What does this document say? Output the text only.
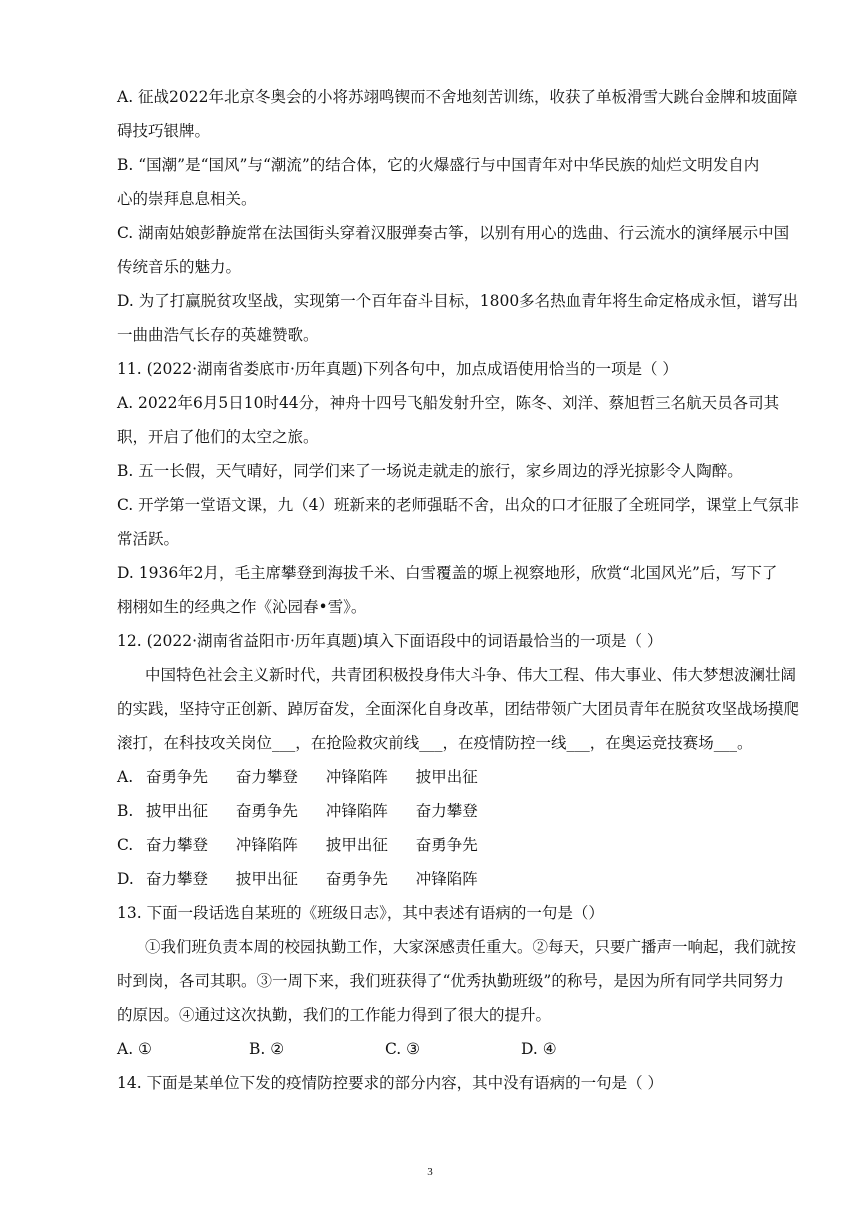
A. 征战2022年北京冬奥会的小将苏翊鸣锲而不舍地刻苦训练，收获了单板滑雪大跳台金牌和坡面障
碍技巧银牌。
B. “国潮”是“国风”与“潮流”的结合体，它的火爆盛行与中国青年对中华民族的灿烂文明发自内
心的崇拜息息相关。
C. 湖南姑娘彭静旋常在法国街头穿着汉服弹奏古筝，以别有用心的选曲、行云流水的演绎展示中国
传统音乐的魅力。
D. 为了打赢脱贫攻坚战，实现第一个百年奋斗目标，1800多名热血青年将生命定格成永恒，谱写出
一曲曲浩气长存的英雄赞歌。
11. (2022·湖南省娄底市·历年真题)下列各句中，加点成语使用恰当的一项是（ ）
A. 2022年6月5日10时44分，神舟十四号飞船发射升空，陈冬、刘洋、蔡旭哲三名航天员各司其
职，开启了他们的太空之旅。
B. 五一长假，天气晴好，同学们来了一场说走就走的旅行，家乡周边的浮光掠影令人陶醉。
C. 开学第一堂语文课，九（4）班新来的老师强聒不舍，出众的口才征服了全班同学，课堂上气氛非
常活跃。
D. 1936年2月，毛主席攀登到海拔千米、白雪覆盖的塬上视察地形，欣赏“北国风光”后，写下了
栩栩如生的经典之作《沁园春•雪》。
12. (2022·湖南省益阳市·历年真题)填入下面语段中的词语最恰当的一项是（ ）
中国特色社会主义新时代，共青团积极投身伟大斗争、伟大工程、伟大事业、伟大梦想波澜壮阔
的实践，坚持守正创新、踔厉奋发，全面深化自身改革，团结带领广大团员青年在脱贫攻坚战场摸爬
滚打，在科技攻关岗位___，在抢险救灾前线___，在疫情防控一线___，在奥运竞技赛场___。
A. 奋勇争先 奋力攀登 冲锋陷阵 披甲出征
B. 披甲出征 奋勇争先 冲锋陷阵 奋力攀登
C. 奋力攀登 冲锋陷阵 披甲出征 奋勇争先
D. 奋力攀登 披甲出征 奋勇争先 冲锋陷阵
13. 下面一段话选自某班的《班级日志》，其中表述有语病的一句是（）
①我们班负责本周的校园执勤工作，大家深感责任重大。②每天，只要广播声一响起，我们就按
时到岗，各司其职。③一周下来，我们班获得了“优秀执勤班级”的称号，是因为所有同学共同努力
的原因。④通过这次执勤，我们的工作能力得到了很大的提升。
A. ①	B. ②	C. ③	D. ④
14. 下面是某单位下发的疫情防控要求的部分内容，其中没有语病的一句是（ ）
3
